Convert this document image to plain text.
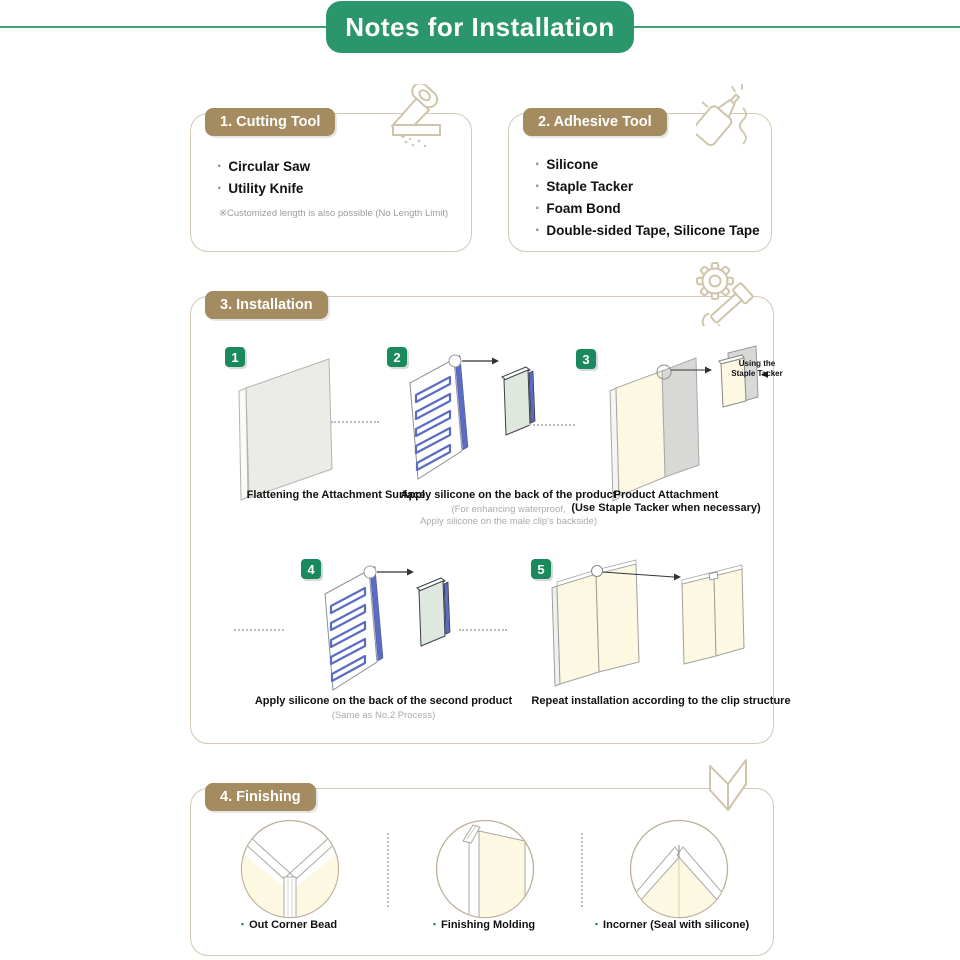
Notes for Installation
1. Cutting Tool
· Circular Saw
· Utility Knife
※Customized length is also possible (No Length Limit)
2. Adhesive Tool
· Silicone
· Staple Tacker
· Foam Bond
· Double-sided Tape, Silicone Tape
3. Installation
1	2	3
4	5
Using the
Staple Tacker
Flattening the Attachment Surface
Apply silicone on the back of the product
(For enhancing waterproof,
Apply silicone on the male clip's backside)
Product Attachment
(Use Staple Tacker when necessary)
Apply silicone on the back of the second product
(Same as No.2 Process)
Repeat installation according to the clip structure
4. Finishing
▪ Out Corner Bead	▪ Finishing Molding	▪ Incorner (Seal with silicone)
